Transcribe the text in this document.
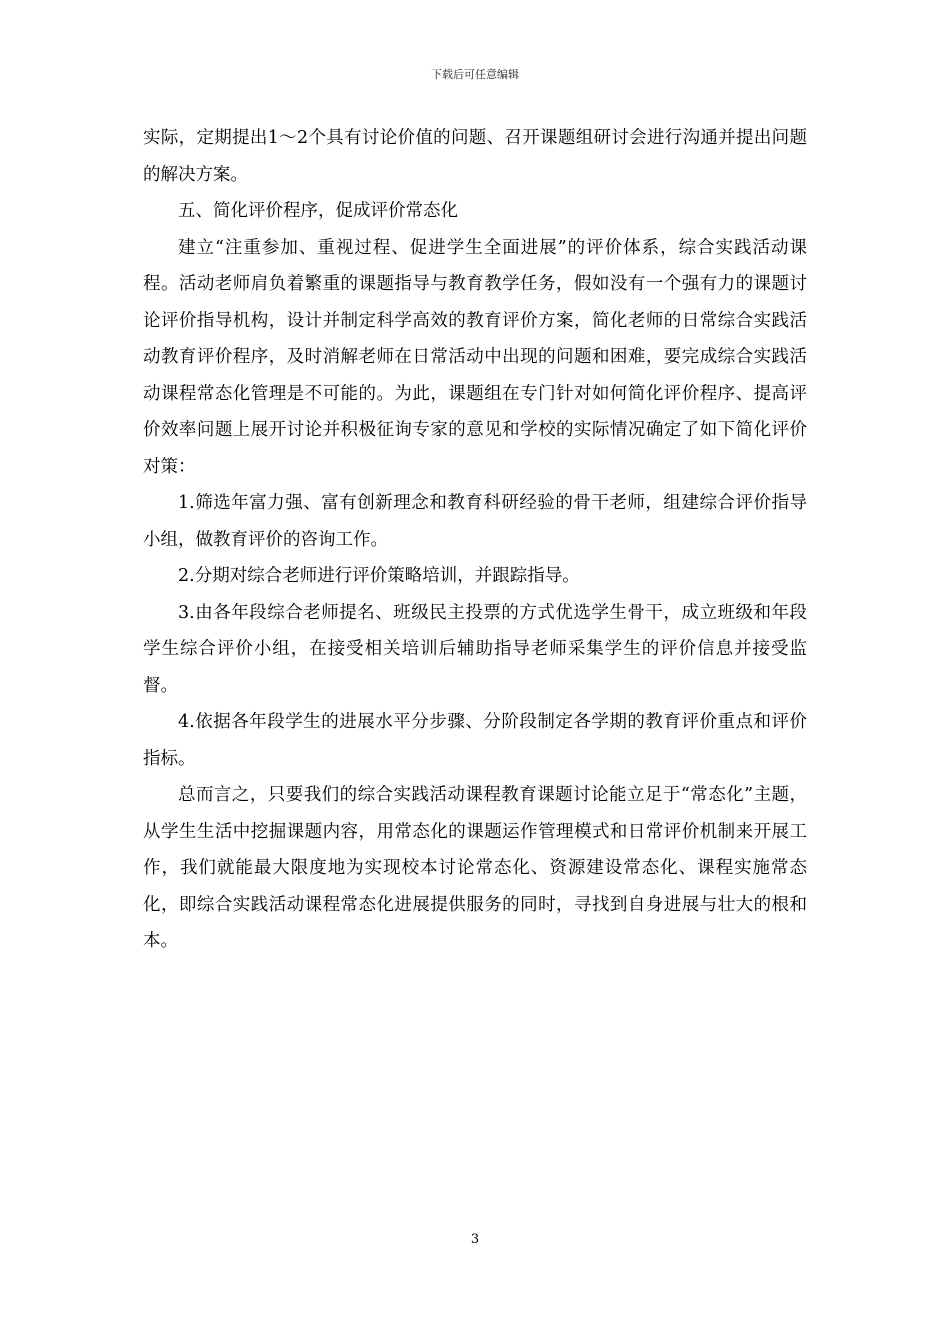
下载后可任意编辑

实际，定期提出1～2个具有讨论价值的问题、召开课题组研讨会进行沟通并提出问题的解决方案。

五、简化评价程序，促成评价常态化

建立“注重参加、重视过程、促进学生全面进展”的评价体系，综合实践活动课程。活动老师肩负着繁重的课题指导与教育教学任务，假如没有一个强有力的课题讨论评价指导机构，设计并制定科学高效的教育评价方案，简化老师的日常综合实践活动教育评价程序，及时消解老师在日常活动中出现的问题和困难，要完成综合实践活动课程常态化管理是不可能的。为此，课题组在专门针对如何简化评价程序、提高评价效率问题上展开讨论并积极征询专家的意见和学校的实际情况确定了如下简化评价对策：

1.筛选年富力强、富有创新理念和教育科研经验的骨干老师，组建综合评价指导小组，做教育评价的咨询工作。

2.分期对综合老师进行评价策略培训，并跟踪指导。

3.由各年段综合老师提名、班级民主投票的方式优选学生骨干，成立班级和年段学生综合评价小组，在接受相关培训后辅助指导老师采集学生的评价信息并接受监督。

4.依据各年段学生的进展水平分步骤、分阶段制定各学期的教育评价重点和评价指标。

总而言之，只要我们的综合实践活动课程教育课题讨论能立足于“常态化”主题，从学生生活中挖掘课题内容，用常态化的课题运作管理模式和日常评价机制来开展工作，我们就能最大限度地为实现校本讨论常态化、资源建设常态化、课程实施常态化，即综合实践活动课程常态化进展提供服务的同时，寻找到自身进展与壮大的根和本。

3
